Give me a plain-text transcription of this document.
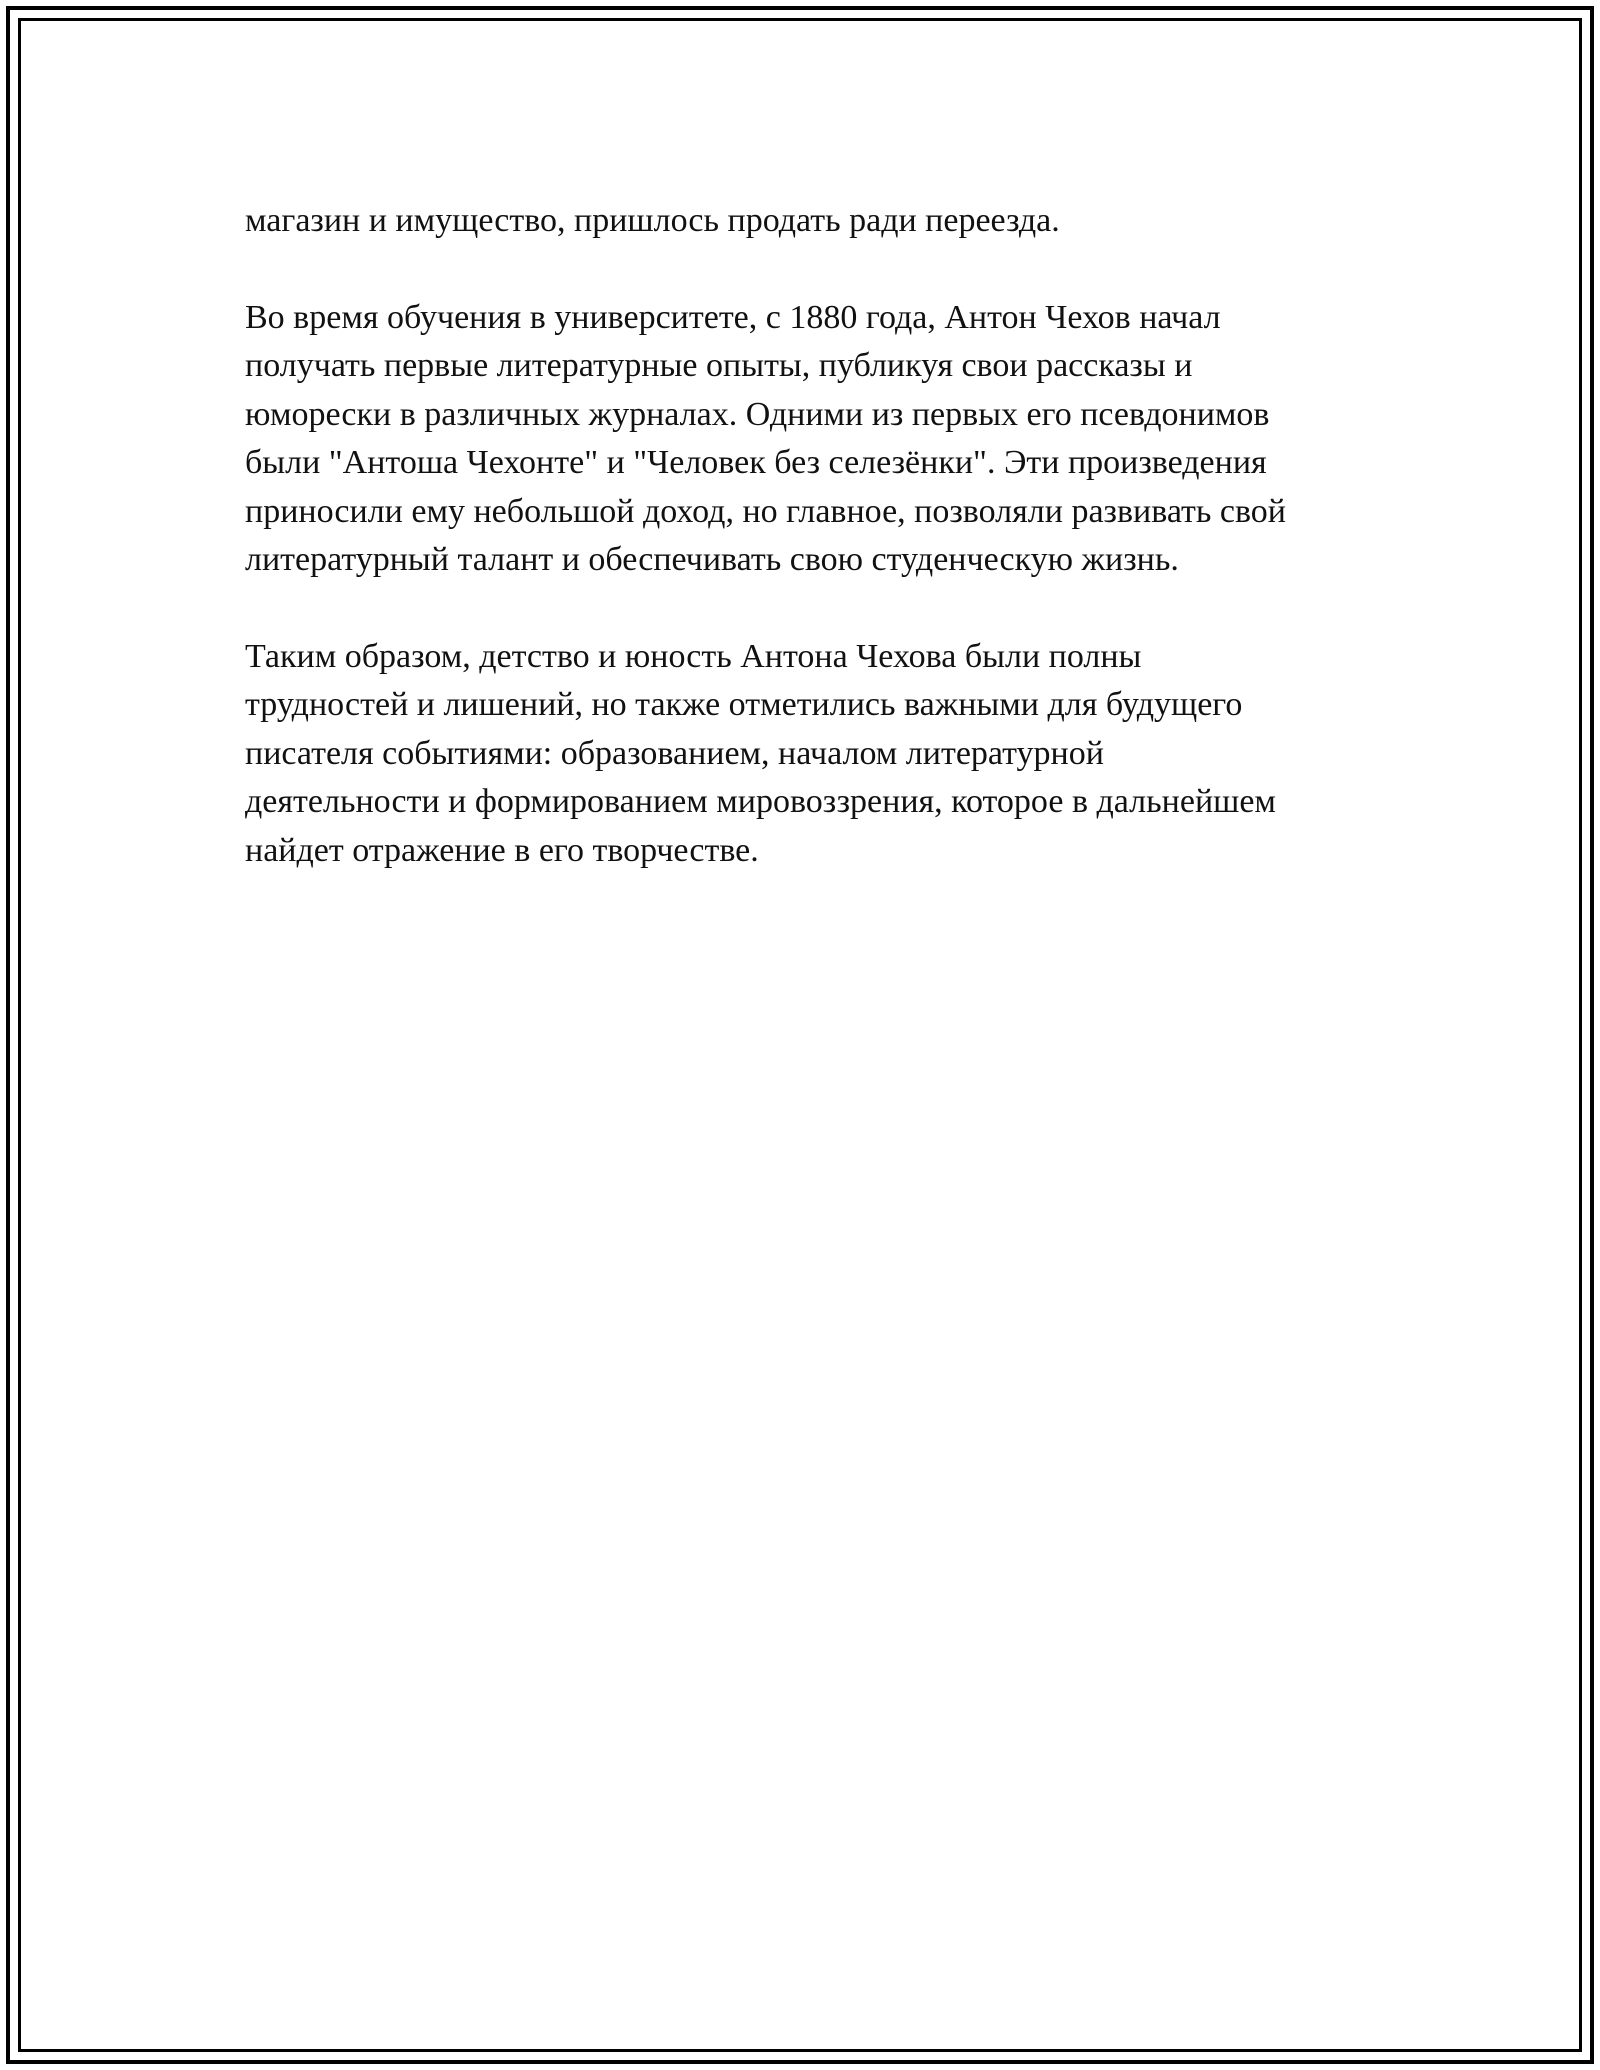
магазин и имущество, пришлось продать ради переезда.

Во время обучения в университете, с 1880 года, Антон Чехов начал
получать первые литературные опыты, публикуя свои рассказы и
юморески в различных журналах. Одними из первых его псевдонимов
были "Антоша Чехонте" и "Человек без селезёнки". Эти произведения
приносили ему небольшой доход, но главное, позволяли развивать свой
литературный талант и обеспечивать свою студенческую жизнь.

Таким образом, детство и юность Антона Чехова были полны
трудностей и лишений, но также отметились важными для будущего
писателя событиями: образованием, началом литературной
деятельности и формированием мировоззрения, которое в дальнейшем
найдет отражение в его творчестве.
